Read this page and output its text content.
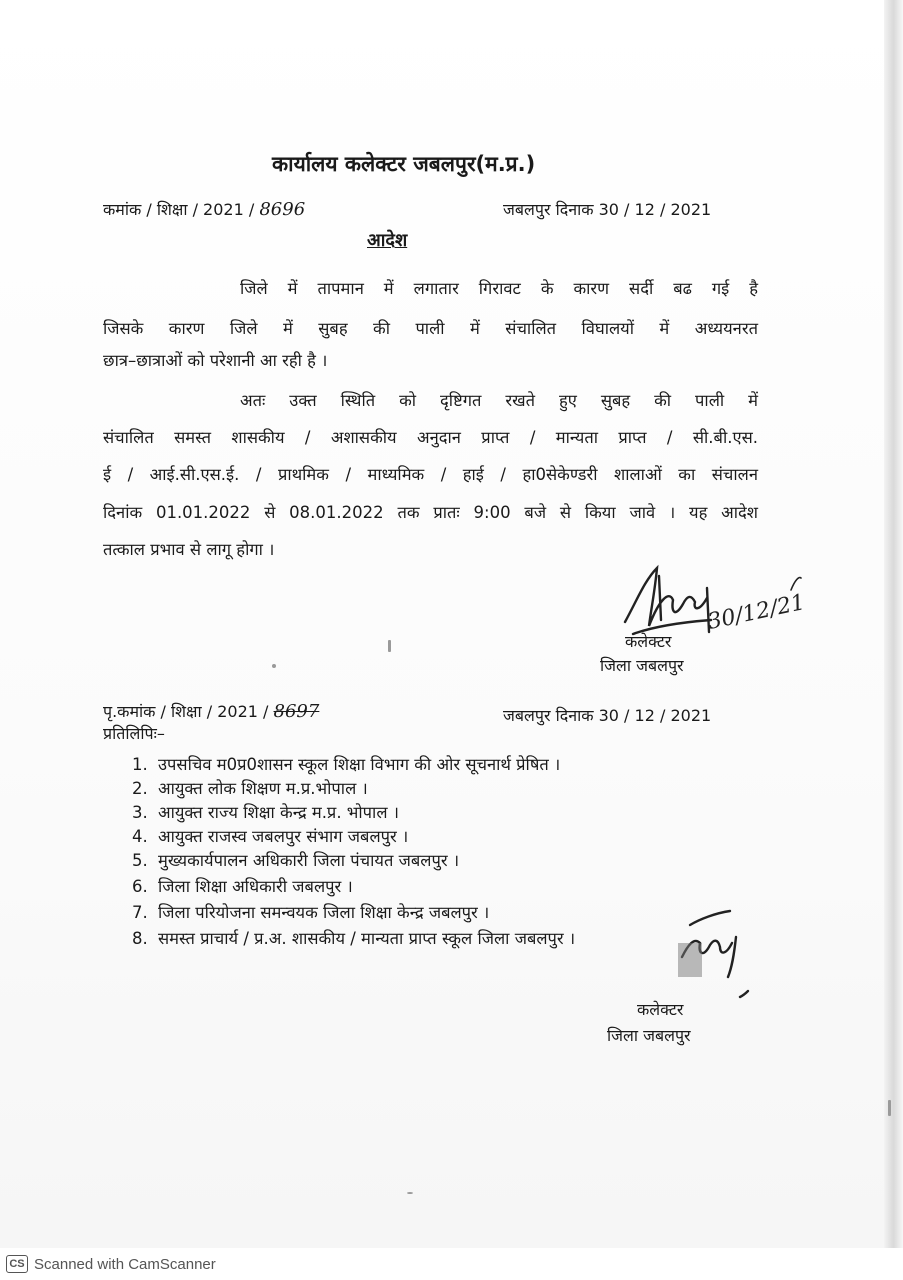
कार्यालय कलेक्टर जबलपुर(म.प्र.)
कमांक / शिक्षा / 2021 / 8696	जबलपुर दिनाक 30 / 12 / 2021
आदेश
जिले में तापमान में लगातार गिरावट के कारण सर्दी बढ गई है
जिसके कारण जिले में सुबह की पाली में संचालित विघालयों में अध्ययनरत
छात्र–छात्राओं को परेशानी आ रही है ।
अतः उक्त स्थिति को दृष्टिगत रखते हुए सुबह की पाली में
संचालित समस्त शासकीय / अशासकीय अनुदान प्राप्त / मान्यता प्राप्त / सी.बी.एस.
ई / आई.सी.एस.ई. / प्राथमिक / माध्यमिक / हाई / हा0सेकेण्डरी शालाओं का संचालन
दिनांक 01.01.2022 से 08.01.2022 तक प्रातः 9:00 बजे से किया जावे । यह आदेश
तत्काल प्रभाव से लागू होगा ।
30/12/21
कलेक्टर
जिला जबलपुर
पृ.कमांक / शिक्षा / 2021 / 8697	जबलपुर दिनाक 30 / 12 / 2021
प्रतिलिपिः–
1. उपसचिव म0प्र0शासन स्कूल शिक्षा विभाग की ओर सूचनार्थ प्रेषित ।
2. आयुक्त लोक शिक्षण म.प्र.भोपाल ।
3. आयुक्त राज्य शिक्षा केन्द्र म.प्र. भोपाल ।
4. आयुक्त राजस्व जबलपुर संभाग जबलपुर ।
5. मुख्यकार्यपालन अधिकारी जिला पंचायत जबलपुर ।
6. जिला शिक्षा अधिकारी जबलपुर ।
7. जिला परियोजना समन्वयक जिला शिक्षा केन्द्र जबलपुर ।
8. समस्त प्राचार्य / प्र.अ. शासकीय / मान्यता प्राप्त स्कूल जिला जबलपुर ।
कलेक्टर
जिला जबलपुर
CS Scanned with CamScanner
